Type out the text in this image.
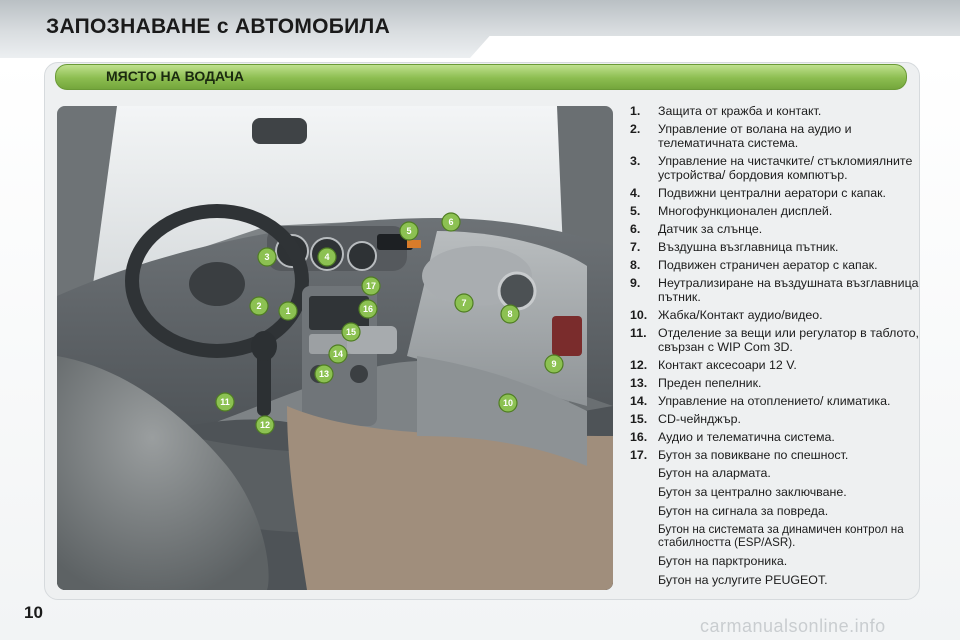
ЗАПОЗНАВАНЕ с АВТОМОБИЛА
МЯСТО НА ВОДАЧА
1
2
3	4
5
6
7
8
9
10
11
12
13
14
15
16
17
1.	Защита от кражба и контакт.
2.	Управление от волана на аудио и телематичната система.
3.	Управление на чистачките/ стъкломиялните устройства/ бордовия компютър.
4.	Подвижни централни аератори с капак.
5.	Многофункционален дисплей.
6.	Датчик за слънце.
7.	Въздушна възглавница пътник.
8.	Подвижен страничен аератор с капак.
9.	Неутрализиране на въздушната възглавница пътник.
10. Жабка/Контакт аудио/видео.
11. Отделение за вещи или регулатор в таблото, свързан с WIP Com 3D.
12. Контакт аксесоари 12 V.
13. Преден пепелник.
14. Управление на отоплението/ климатика.
15. CD-чейнджър.
16. Аудио и телематична система.
17. Бутон за повикване по спешност.
Бутон на алармата.
Бутон за централно заключване.
Бутон на сигнала за повреда.
Бутон на системата за динамичен контрол на стабилността (ESP/ASR).
Бутон на парктроника.
Бутон на услугите PEUGEOT.
10
carmanualsonline.info
